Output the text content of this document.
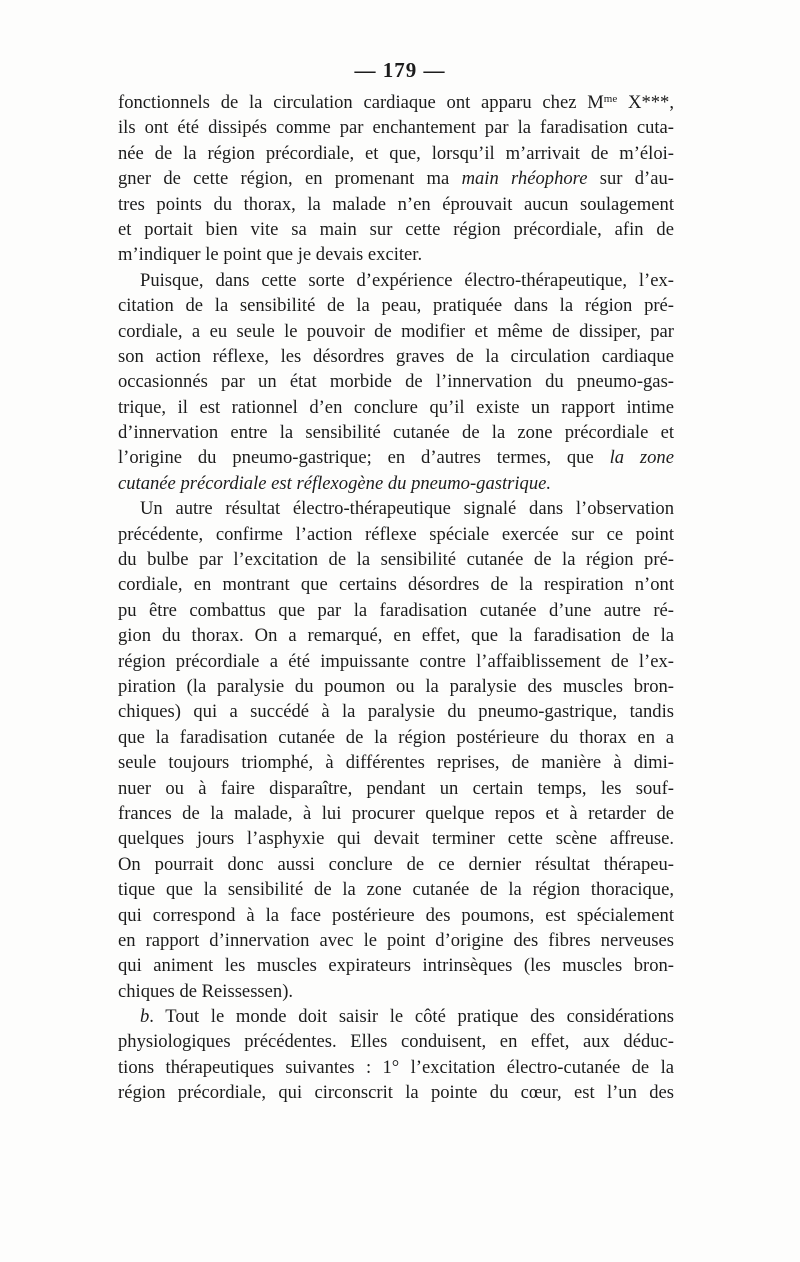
— 179 —
fonctionnels de la circulation cardiaque ont apparu chez $M^{me}$ X***,
ils ont été dissipés comme par enchantement par la faradisation cuta-
née de la région précordiale, et que, lorsqu’il m’arrivait de m’éloi-
gner de cette région, en promenant ma main rhéophore sur d’au-
tres points du thorax, la malade n’en éprouvait aucun soulagement
et portait bien vite sa main sur cette région précordiale, afin de
m’indiquer le point que je devais exciter.
Puisque, dans cette sorte d’expérience électro-thérapeutique, l’ex-
citation de la sensibilité de la peau, pratiquée dans la région pré-
cordiale, a eu seule le pouvoir de modifier et même de dissiper, par
son action réflexe, les désordres graves de la circulation cardiaque
occasionnés par un état morbide de l’innervation du pneumo-gas-
trique, il est rationnel d’en conclure qu’il existe un rapport intime
d’innervation entre la sensibilité cutanée de la zone précordiale et
l’origine du pneumo-gastrique; en d’autres termes, que la zone
cutanée précordiale est réflexogène du pneumo-gastrique.
Un autre résultat électro-thérapeutique signalé dans l’observation
précédente, confirme l’action réflexe spéciale exercée sur ce point
du bulbe par l’excitation de la sensibilité cutanée de la région pré-
cordiale, en montrant que certains désordres de la respiration n’ont
pu être combattus que par la faradisation cutanée d’une autre ré-
gion du thorax. On a remarqué, en effet, que la faradisation de la
région précordiale a été impuissante contre l’affaiblissement de l’ex-
piration (la paralysie du poumon ou la paralysie des muscles bron-
chiques) qui a succédé à la paralysie du pneumo-gastrique, tandis
que la faradisation cutanée de la région postérieure du thorax en a
seule toujours triomphé, à différentes reprises, de manière à dimi-
nuer ou à faire disparaître, pendant un certain temps, les souf-
frances de la malade, à lui procurer quelque repos et à retarder de
quelques jours l’asphyxie qui devait terminer cette scène affreuse.
On pourrait donc aussi conclure de ce dernier résultat thérapeu-
tique que la sensibilité de la zone cutanée de la région thoracique,
qui correspond à la face postérieure des poumons, est spécialement
en rapport d’innervation avec le point d’origine des fibres nerveuses
qui animent les muscles expirateurs intrinsèques (les muscles bron-
chiques de Reissessen).
b. Tout le monde doit saisir le côté pratique des considérations
physiologiques précédentes. Elles conduisent, en effet, aux déduc-
tions thérapeutiques suivantes : 1° l’excitation électro-cutanée de la
région précordiale, qui circonscrit la pointe du cœur, est l’un des
